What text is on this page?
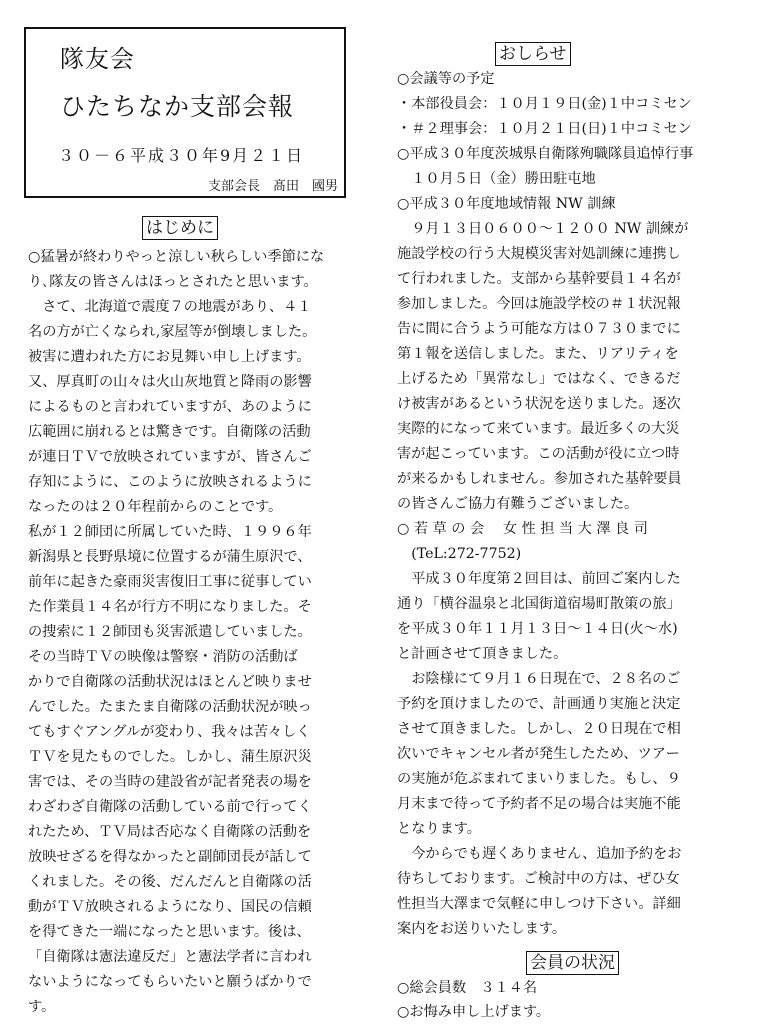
隊友会
ひたちなか支部会報
３０－６平成３０年9月２１日
支部会長　髙田　國男
はじめに

○猛暑が終わりやっと涼しい秋らしい季節にな

り､隊友の皆さんはほっとされたと思います。

　さて、北海道で震度７の地震があり、４１

名の方が亡くなられ,家屋等が倒壊しました。

被害に遭われた方にお見舞い申し上げます。

又、厚真町の山々は火山灰地質と降雨の影響

によるものと言われていますが、あのように

広範囲に崩れるとは驚きです。自衛隊の活動

が連日ＴＶで放映されていますが、皆さんご

存知にように、このように放映されるように

なったのは２０年程前からのことです。

私が１２師団に所属していた時、１９９６年

新潟県と長野県境に位置するが蒲生原沢で、

前年に起きた豪雨災害復旧工事に従事してい

た作業員１４名が行方不明になりました。そ

の捜索に１２師団も災害派遣していました。

その当時ＴＶの映像は警察・消防の活動ば

かりで自衛隊の活動状況はほとんど映りませ

んでした。たまたま自衛隊の活動状況が映っ

てもすぐアングルが変わり、我々は苦々しく

ＴＶを見たものでした。しかし、蒲生原沢災

害では、その当時の建設省が記者発表の場を

わざわざ自衛隊の活動している前で行ってく

れたため、ＴＶ局は否応なく自衛隊の活動を

放映せざるを得なかったと副師団長が話して

くれました。その後、だんだんと自衛隊の活

動がＴＶ放映されるようになり、国民の信頼

を得てきた一端になったと思います。後は、

「自衛隊は憲法違反だ」と憲法学者に言われ

ないようになってもらいたいと願うばかりで

す。

おしらせ

○会議等の予定

・本部役員会：１０月１９日(金)１中コミセン

・＃２理事会：１０月２１日(日)１中コミセン

○平成３０年度茨城県自衛隊殉職隊員追悼行事

　１０月５日（金）勝田駐屯地

○平成３０年度地域情報 NW 訓練

　９月１３日０６００～１２００ NW 訓練が

施設学校の行う大規模災害対処訓練に連携し

て行われました。支部から基幹要員１４名が

参加しました。今回は施設学校の＃１状況報

告に間に合うよう可能な方は０７３０までに

第１報を送信しました。また、リアリティを

上げるため「異常なし」ではなく、できるだ

け被害があるという状況を送りました。逐次

実際的になって来ています。最近多くの大災

害が起こっています。この活動が役に立つ時

が来るかもしれません。参加された基幹要員

の皆さんご協力有難うございました。

○ 若 草 の 会　 女 性 担 当 大 澤 良 司

　(TeL:272-7752)

　平成３０年度第２回目は、前回ご案内した

通り「横谷温泉と北国街道宿場町散策の旅」

を平成３０年１１月１３日～１４日(火～水)

と計画させて頂きました。

　お陰様にて９月１６日現在で、２８名のご

予約を頂けましたので、計画通り実施と決定

させて頂きました。しかし、２０日現在で相

次いでキャンセル者が発生したため、ツアー

の実施が危ぶまれてまいりました。もし、９

月末まで待って予約者不足の場合は実施不能

となります。

　今からでも遅くありません、追加予約をお

待ちしております。ご検討中の方は、ぜひ女

性担当大澤まで気軽に申しつけ下さい。詳細

案内をお送りいたします。

会員の状況

○総会員数　３１４名

○お悔み申し上げます。
